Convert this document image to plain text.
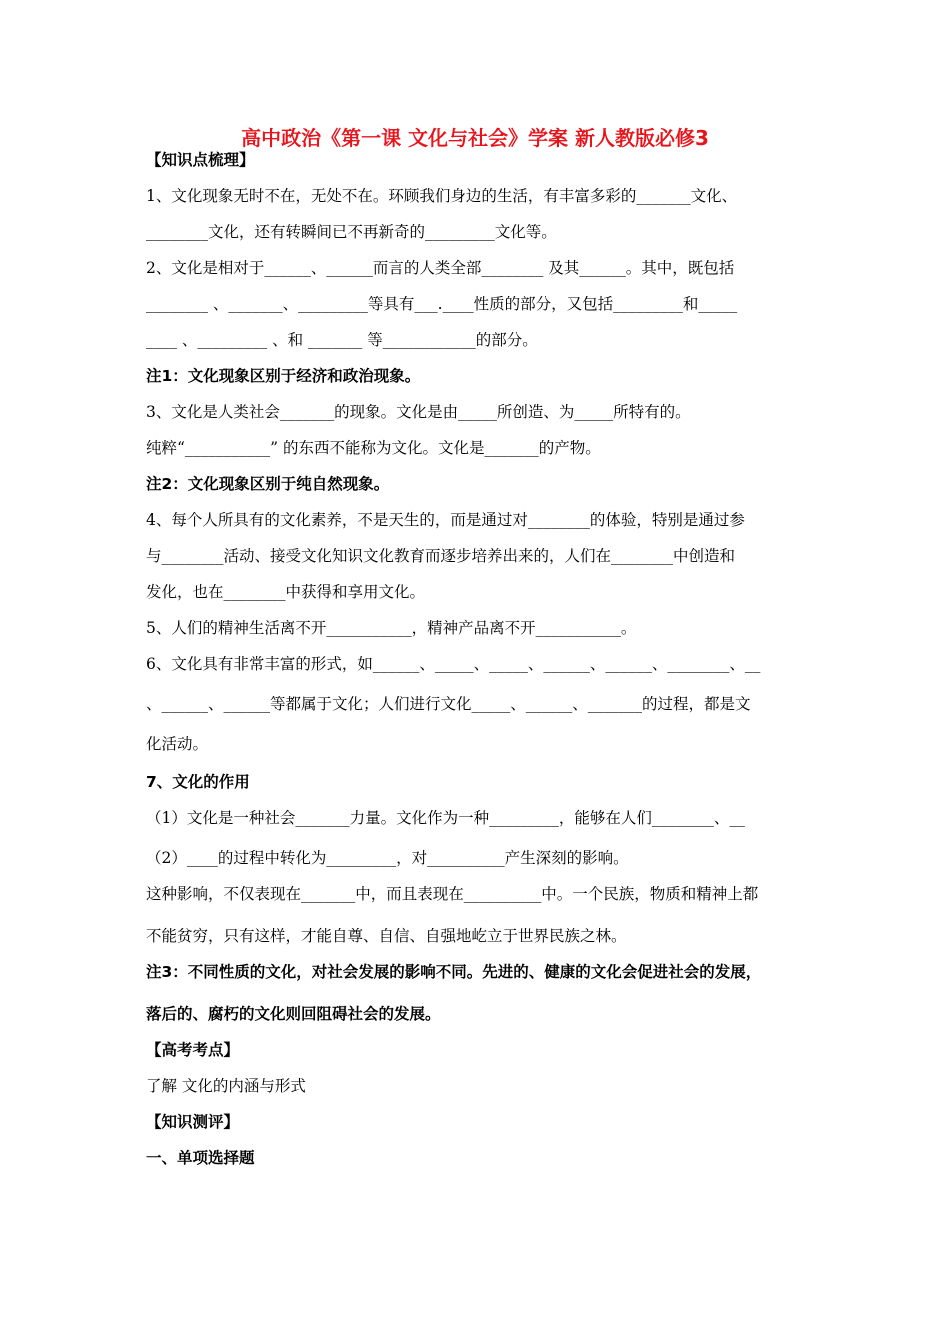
高中政治《第一课 文化与社会》学案 新人教版必修3
【知识点梳理】
1、文化现象无时不在，无处不在。环顾我们身边的生活，有丰富多彩的_______文化、
________文化，还有转瞬间已不再新奇的_________文化等。
2、文化是相对于______、______而言的人类全部________ 及其______。其中，既包括
________ 、_______、_________等具有___.____性质的部分，又包括_________和_____
____ 、_________ 、和 _______ 等____________的部分。
注1：文化现象区别于经济和政治现象。
3、文化是人类社会_______的现象。文化是由_____所创造、为_____所特有的。
纯粹“___________” 的东西不能称为文化。文化是_______的产物。
注2：文化现象区别于纯自然现象。
4、每个人所具有的文化素养，不是天生的，而是通过对________的体验，特别是通过参
与________活动、接受文化知识文化教育而逐步培养出来的，人们在________中创造和
发化，也在________中获得和享用文化。
5、人们的精神生活离不开___________，精神产品离不开___________。
6、文化具有非常丰富的形式，如______、_____、_____、______、______、________、__
、______、______等都属于文化；人们进行文化_____、______、_______的过程，都是文
化活动。
7、文化的作用
（1）文化是一种社会_______力量。文化作为一种_________，能够在人们________、__
（2）____的过程中转化为_________，对__________产生深刻的影响。
这种影响，不仅表现在_______中，而且表现在__________中。一个民族，物质和精神上都
不能贫穷，只有这样，才能自尊、自信、自强地屹立于世界民族之林。
注3：不同性质的文化，对社会发展的影响不同。先进的、健康的文化会促进社会的发展，
落后的、腐朽的文化则回阻碍社会的发展。
【高考考点】
了解 文化的内涵与形式
【知识测评】
一、单项选择题
